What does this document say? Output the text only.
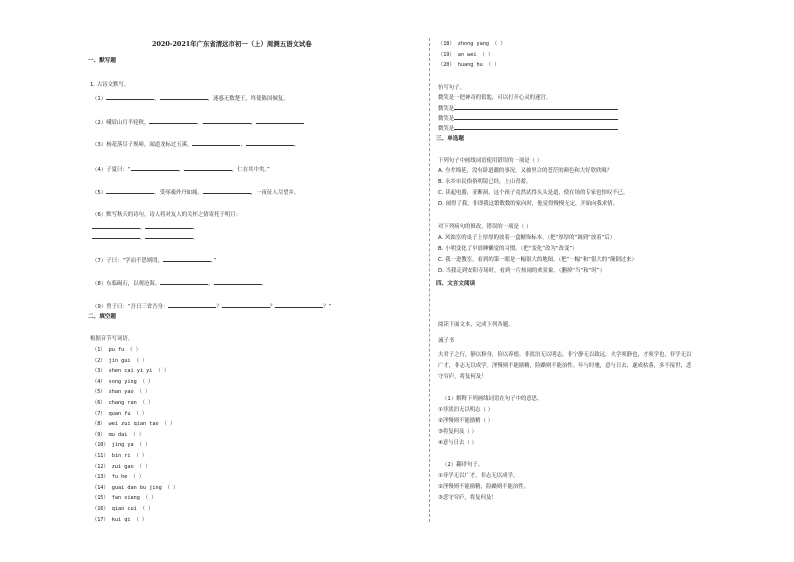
2020-2021年广东省清远市初一（上）周测五语文试卷
一、默写题
1. 古诗文默写。
（1）	，	，迷惑无数楚王，终使陈国倾复。
（2）峨眉山月半轮秋，	。	，
（3）杨花落尽子规啼，闻道龙标过五溪。	，	。
（4）子夏曰：“	，	，仁在其中矣。”
（5）	，受辱魂外丹如痛。	，一夜征人尽望乡。
（6）默写秋天的诗句，诗人将对友人的关怀之情寄托于明月：
，	。
，	。
（7）子曰：“学而不思则罔，	。”
（8）东临碣石，以观沧海。	，	。
（9）曾子曰：“吾日三省吾身：	？	？	？”
二、填空题
根据音节写词语。
（1） pu fu （ ）
（2） jin gui （ ）
（3） shen cai yi yi （ ）
（4） song ying （ ）
（5） shan yao （ ）
（6） chang ran （ ）
（7） quan fu （ ）
（8） wei zui qian tao （ ）
（9） mu dai （ ）
（10） jing ya （ ）
（11） bin ri （ ）
（12） zui gao （ ）
（13） fu he （ ）
（14） guai dan bu jing （ ）
（15） fan xiang （ ）
（16） qiao cui （ ）
（17） kui qi （ ）
（18） zhong yang （ ）
（19） an wei （ ）
（20） huang hu （ ）
仿写句子。
微笑是一把神奇的钥匙，可以打开心灵的迷宫。
微笑是
微笑是
微笑是
三、单选题
下列句子中画线词语使用错误的一项是（ ）
A. 叁差绵延，没有卧道疆的事况，又被里合的苍茫的颜色和大好欣欣吸？
B. 永乡市民俗俗明镜已经，上山青蓄。
C. 读起电器，亚断洞。这个孩子竟然试得头头是道，使在场的专家也惊叹不已。
D. 闹得了我，非即我这繁数数的家向时，他觉得慢慢无定，开始向我求情。
对下列病句的修改，错误的一项是（ ）
A. 风蚀室的桌子上厚厚的放着一盒糖饰标本。（把“厚厚的”调到“放着”后）
B. 小明变化了早晨睡懒觉的习惯。（把“变化”改为“改变”）
C. 我一进教室，看到的第一眼是一幅很大的地图。（把“一幅”和“很大的”颠倒过来）
D. 当我走到安阳寺场时，看到一片热闹的欢景象。（删掉“当”和“时”）
四、文言文阅读
阅读下面文本，完成下列各题。
诫子书
夫君子之行，静以修身，俭以养德。非淡泊无以明志，非宁静无以致远。夫学须静也，才须学也，非学无以
广才，非志无以成学。淫慢则不能励精，险躁则不能治性。年与时驰，意与日去，遂成枯落，多不接世，悲
守穷庐，将复何及！
（1）解释下列画线词语在句子中的意思。
①非淡泊无以明志（ ）
②淫慢则不能励精（ ）
③将复何及（ ）
④意与日去（ ）
（2）翻译句子。
①非学无以广才，非志无以成学。
②淫慢则不能励精，险躁则不能治性。
③悲守穷庐，将复何及！
